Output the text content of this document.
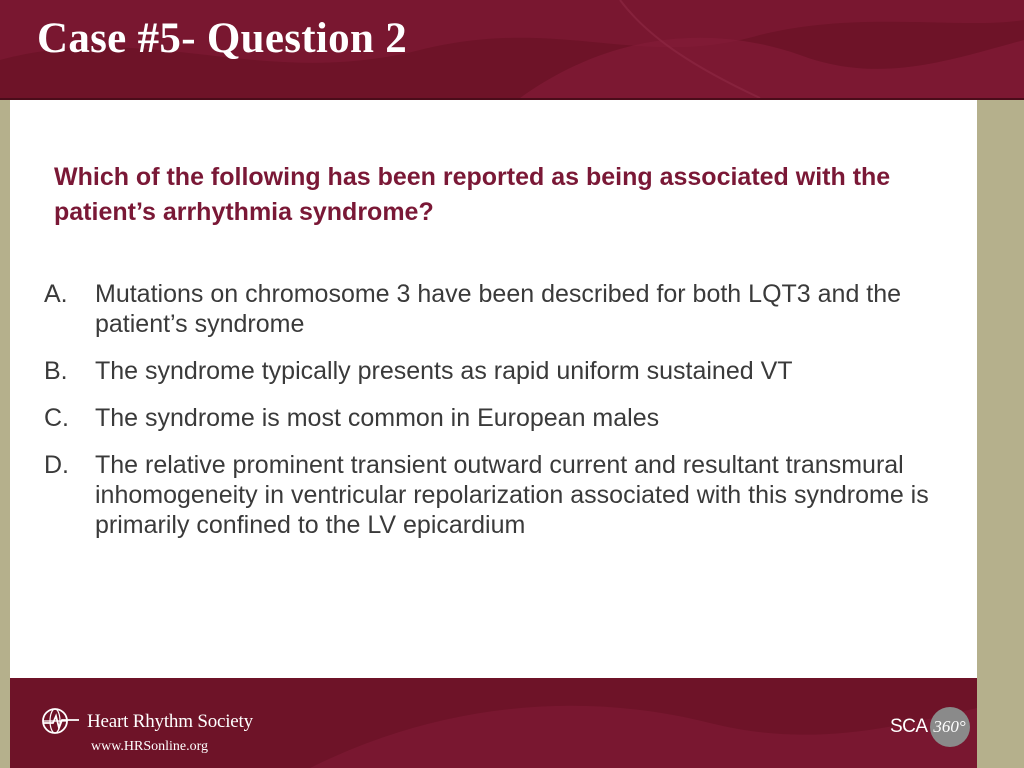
Case #5- Question 2

Which of the following has been reported as being associated with the patient’s arrhythmia syndrome?

A.	Mutations on chromosome 3 have been described for both LQT3 and the patient’s syndrome
B.	The syndrome typically presents as rapid uniform sustained VT
C.	The syndrome is most common in European males
D.	The relative prominent transient outward current and resultant transmural inhomogeneity in ventricular repolarization associated with this syndrome is primarily confined to the LV epicardium
Heart Rhythm Society
www.HRSonline.org
SCA 360°
